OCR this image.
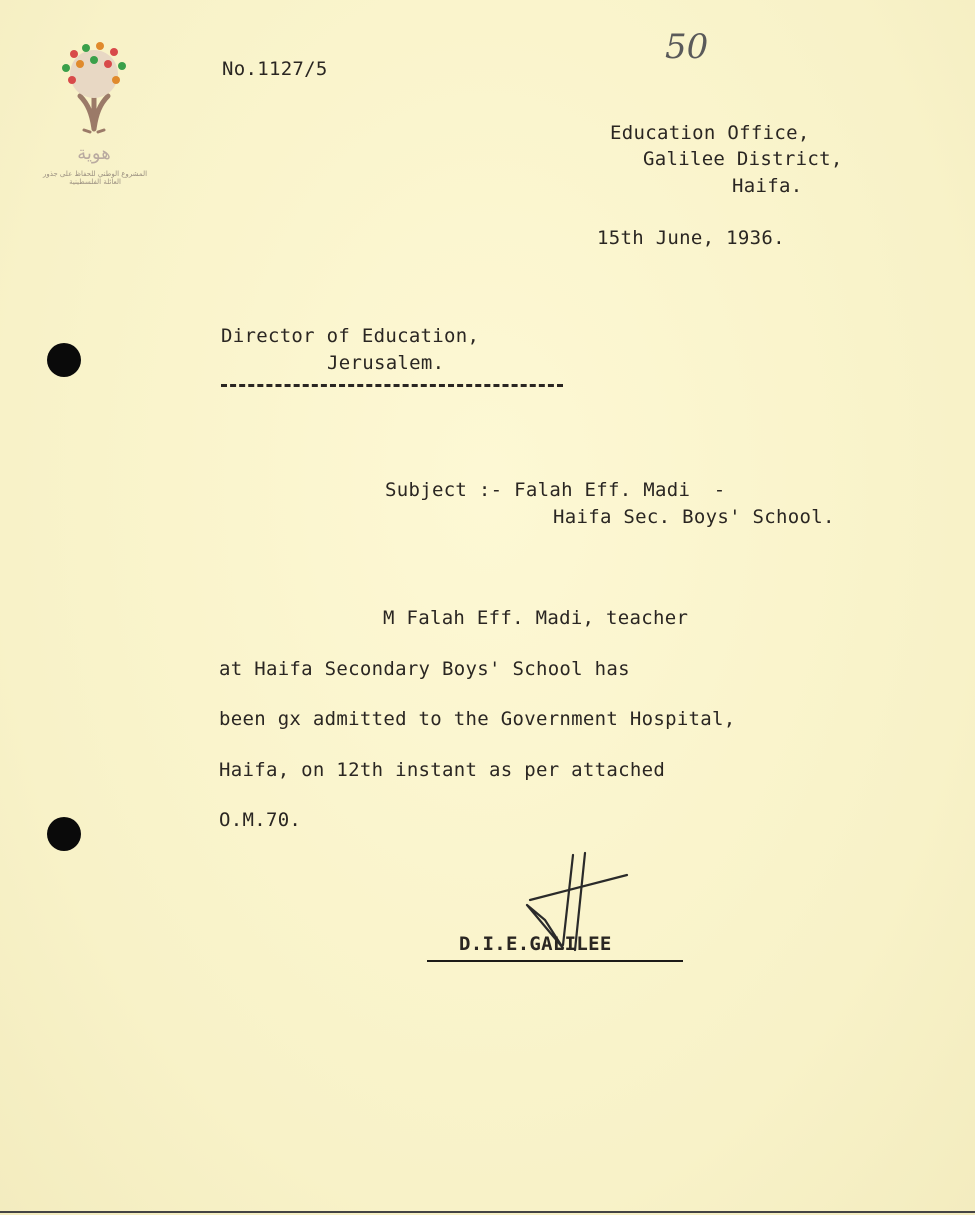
هوية
المشروع الوطني للحفاظ على جذور العائلة الفلسطينية
50
No.1127/5
Education Office,
Galilee District,
Haifa.
15th June, 1936.
Director of Education,
Jerusalem.
Subject :- Falah Eff. Madi  -
Haifa Sec. Boys' School.
M Falah Eff. Madi, teacher
at Haifa Secondary Boys' School has
been gx admitted to the Government Hospital,
Haifa, on 12th instant as per attached
O.M.70.
D.I.E.GALILEE
